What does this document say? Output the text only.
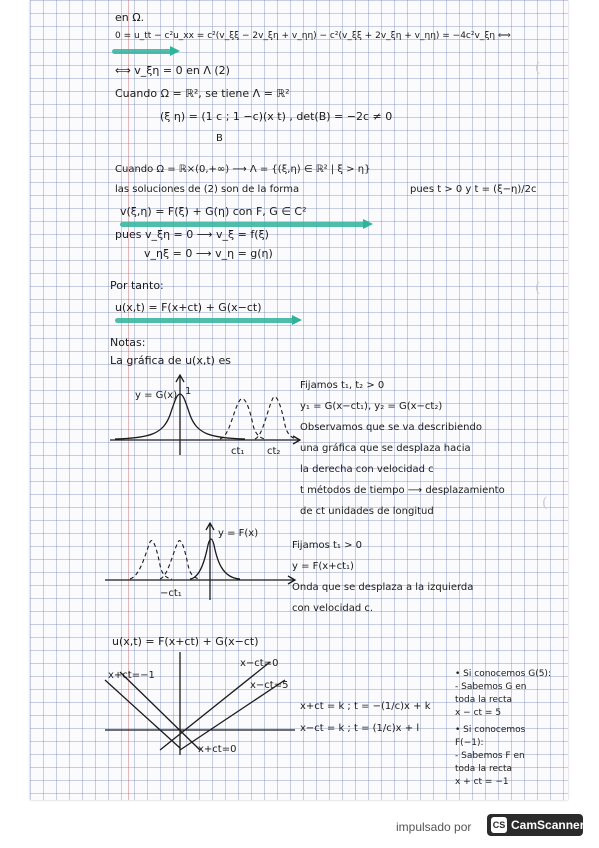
(
(
(

en Ω.

0 = u_tt − c²u_xx = c²(v_ξξ − 2v_ξη + v_ηη) − c²(v_ξξ + 2v_ξη + v_ηη) = −4c²v_ξη ⟺

⟺ v_ξη = 0 en Λ (2)

Cuando Ω = ℝ², se tiene Λ = ℝ²

(ξ η) = (1 c ; 1 −c)(x t) , det(B) = −2c ≠ 0

B

Cuando Ω = ℝ×(0,+∞) ⟶ Λ = {(ξ,η) ∈ ℝ² | ξ > η}

las soluciones de (2) son de la forma	pues t > 0 y t = (ξ−η)/2c

v(ξ,η) = F(ξ) + G(η) con F, G ∈ C²

pues v_ξη = 0 ⟶ v_ξ = f(ξ)

v_ηξ = 0 ⟶ v_η = g(η)

Por tanto:

u(x,t) = F(x+ct) + G(x−ct)

Notas:

La gráfica de u(x,t) es

y = G(x) 1
ct₁ ct₂

Fijamos t₁, t₂ > 0

y₁ = G(x−ct₁), y₂ = G(x−ct₂)

Observamos que se va describiendo

una gráfica que se desplaza hacia

la derecha con velocidad c

t métodos de tiempo ⟶ desplazamiento

de ct unidades de longitud

y = F(x)
−ct₁

Fijamos t₁ > 0

y = F(x+ct₁)

Onda que se desplaza a la izquierda

con velocidad c.

u(x,t) = F(x+ct) + G(x−ct)

x+ct=−1
x−ct=0
x−ct=5
x+ct=0

x+ct = k ; t = −(1/c)x + k

x−ct = k ; t = (1/c)x + l

• Si conocemos G(5):

- Sabemos G en

toda la recta

x − ct = 5

• Si conocemos

F(−1):

- Sabemos F en

toda la recta

x + ct = −1

impulsado por CS CamScanner
